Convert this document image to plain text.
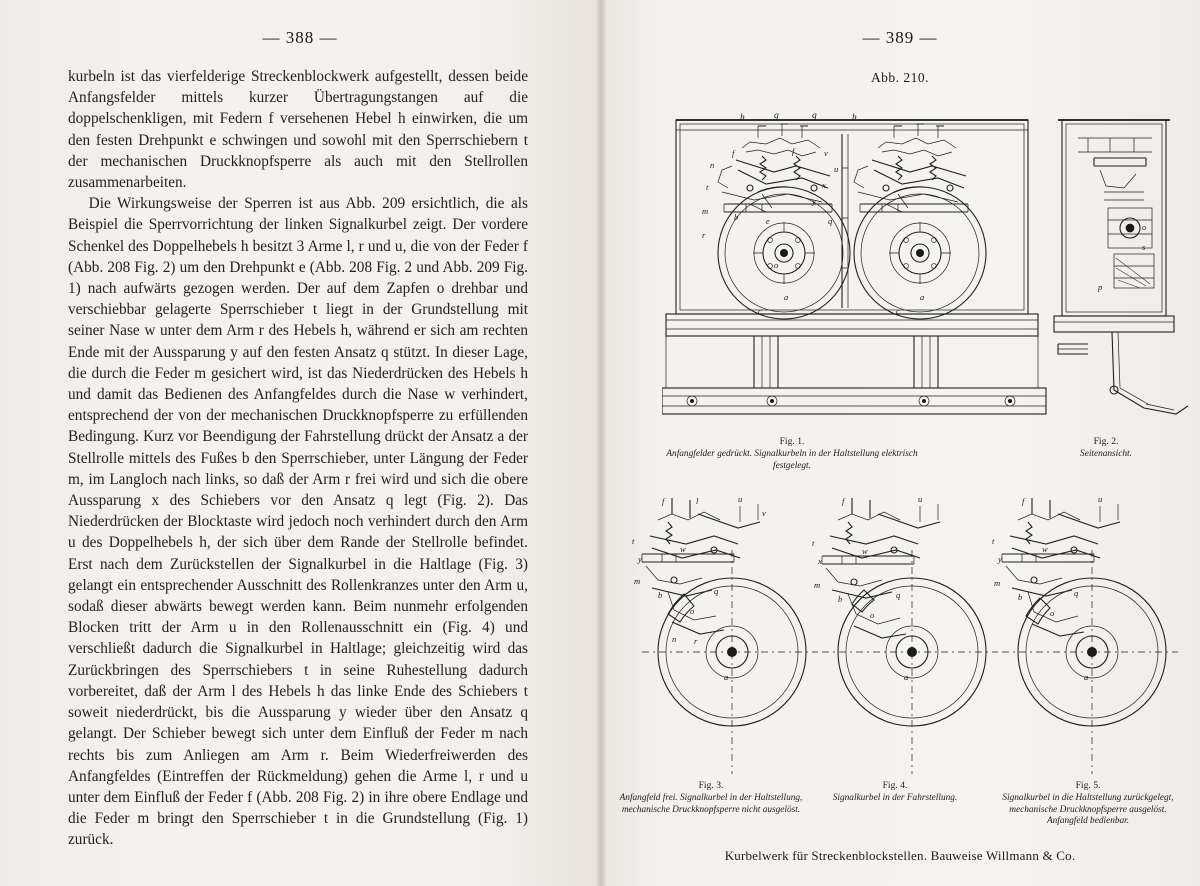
— 388 —

kurbeln ist das vierfelderige Streckenblockwerk aufgestellt, dessen beide Anfangsfelder mittels kurzer Übertragungstangen auf die doppelschenkligen, mit Federn f versehenen Hebel h einwirken, die um den festen Drehpunkt e schwingen und sowohl mit den Sperrschiebern t der mechanischen Druckknopfsperre als auch mit den Stellrollen zusammenarbeiten.

Die Wirkungsweise der Sperren ist aus Abb. 209 ersichtlich, die als Beispiel die Sperrvorrichtung der linken Signalkurbel zeigt. Der vordere Schenkel des Doppelhebels h besitzt 3 Arme l, r und u, die von der Feder f (Abb. 208 Fig. 2) um den Drehpunkt e (Abb. 208 Fig. 2 und Abb. 209 Fig. 1) nach aufwärts gezogen werden. Der auf dem Zapfen o drehbar und verschiebbar gelagerte Sperrschieber t liegt in der Grundstellung mit seiner Nase w unter dem Arm r des Hebels h, während er sich am rechten Ende mit der Aussparung y auf den festen Ansatz q stützt. In dieser Lage, die durch die Feder m gesichert wird, ist das Niederdrücken des Hebels h und damit das Bedienen des Anfangfeldes durch die Nase w verhindert, entsprechend der von der mechanischen Druckknopfsperre zu erfüllenden Bedingung. Kurz vor Beendigung der Fahrstellung drückt der Ansatz a der Stellrolle mittels des Fußes b den Sperrschieber, unter Längung der Feder m, im Langloch nach links, so daß der Arm r frei wird und sich die obere Aussparung x des Schiebers vor den Ansatz q legt (Fig. 2). Das Niederdrücken der Blocktaste wird jedoch noch verhindert durch den Arm u des Doppelhebels h, der sich über dem Rande der Stellrolle befindet. Erst nach dem Zurückstellen der Signalkurbel in die Haltlage (Fig. 3) gelangt ein entsprechender Ausschnitt des Rollenkranzes unter den Arm u, sodaß dieser abwärts bewegt werden kann. Beim nunmehr erfolgenden Blocken tritt der Arm u in den Rollenausschnitt ein (Fig. 4) und verschließt dadurch die Signalkurbel in Haltlage; gleichzeitig wird das Zurückbringen des Sperrschiebers t in seine Ruhestellung dadurch vorbereitet, daß der Arm l des Hebels h das linke Ende des Schiebers t soweit niederdrückt, bis die Aussparung y wieder über den Ansatz q gelangt. Der Schieber bewegt sich unter dem Einfluß der Feder m nach rechts bis zum Anliegen am Arm r. Beim Wiederfreiwerden des Anfangfeldes (Eintreffen der Rückmeldung) gehen die Arme l, r und u unter dem Einfluß der Feder f (Abb. 208 Fig. 2) in ihre obere Endlage und die Feder m bringt den Sperrschieber t in die Grundstellung (Fig. 1) zurück.

— 389 —
Abb. 210.
h	g	g	h
n
f	f	v
u
t	x
y
m
b	e	q
r
o
a	a
c	c
o
s
p
Fig. 1.
Anfangfelder gedrückt. Signalkurbeln in der Haltstellung elektrisch festgelegt.
Fig. 2.
Seitenansicht.
f	l	u
v
t
y
w
m
b	q
o
n r
a
f	u
t
x
m
w
b	q
o
a
f	u
t
y
m
w
b	q
o
a
Fig. 3.
Anfangfeld frei. Signalkurbel in der Haltstellung, mechanische Druckknopfsperre nicht ausgelöst.
Fig. 4.
Signalkurbel in der Fahrstellung.
Fig. 5.
Signalkurbel in die Haltstellung zurückgelegt, mechanische Druckknopfsperre ausgelöst. Anfangfeld bedienbar.
Kurbelwerk für Streckenblockstellen. Bauweise Willmann & Co.
